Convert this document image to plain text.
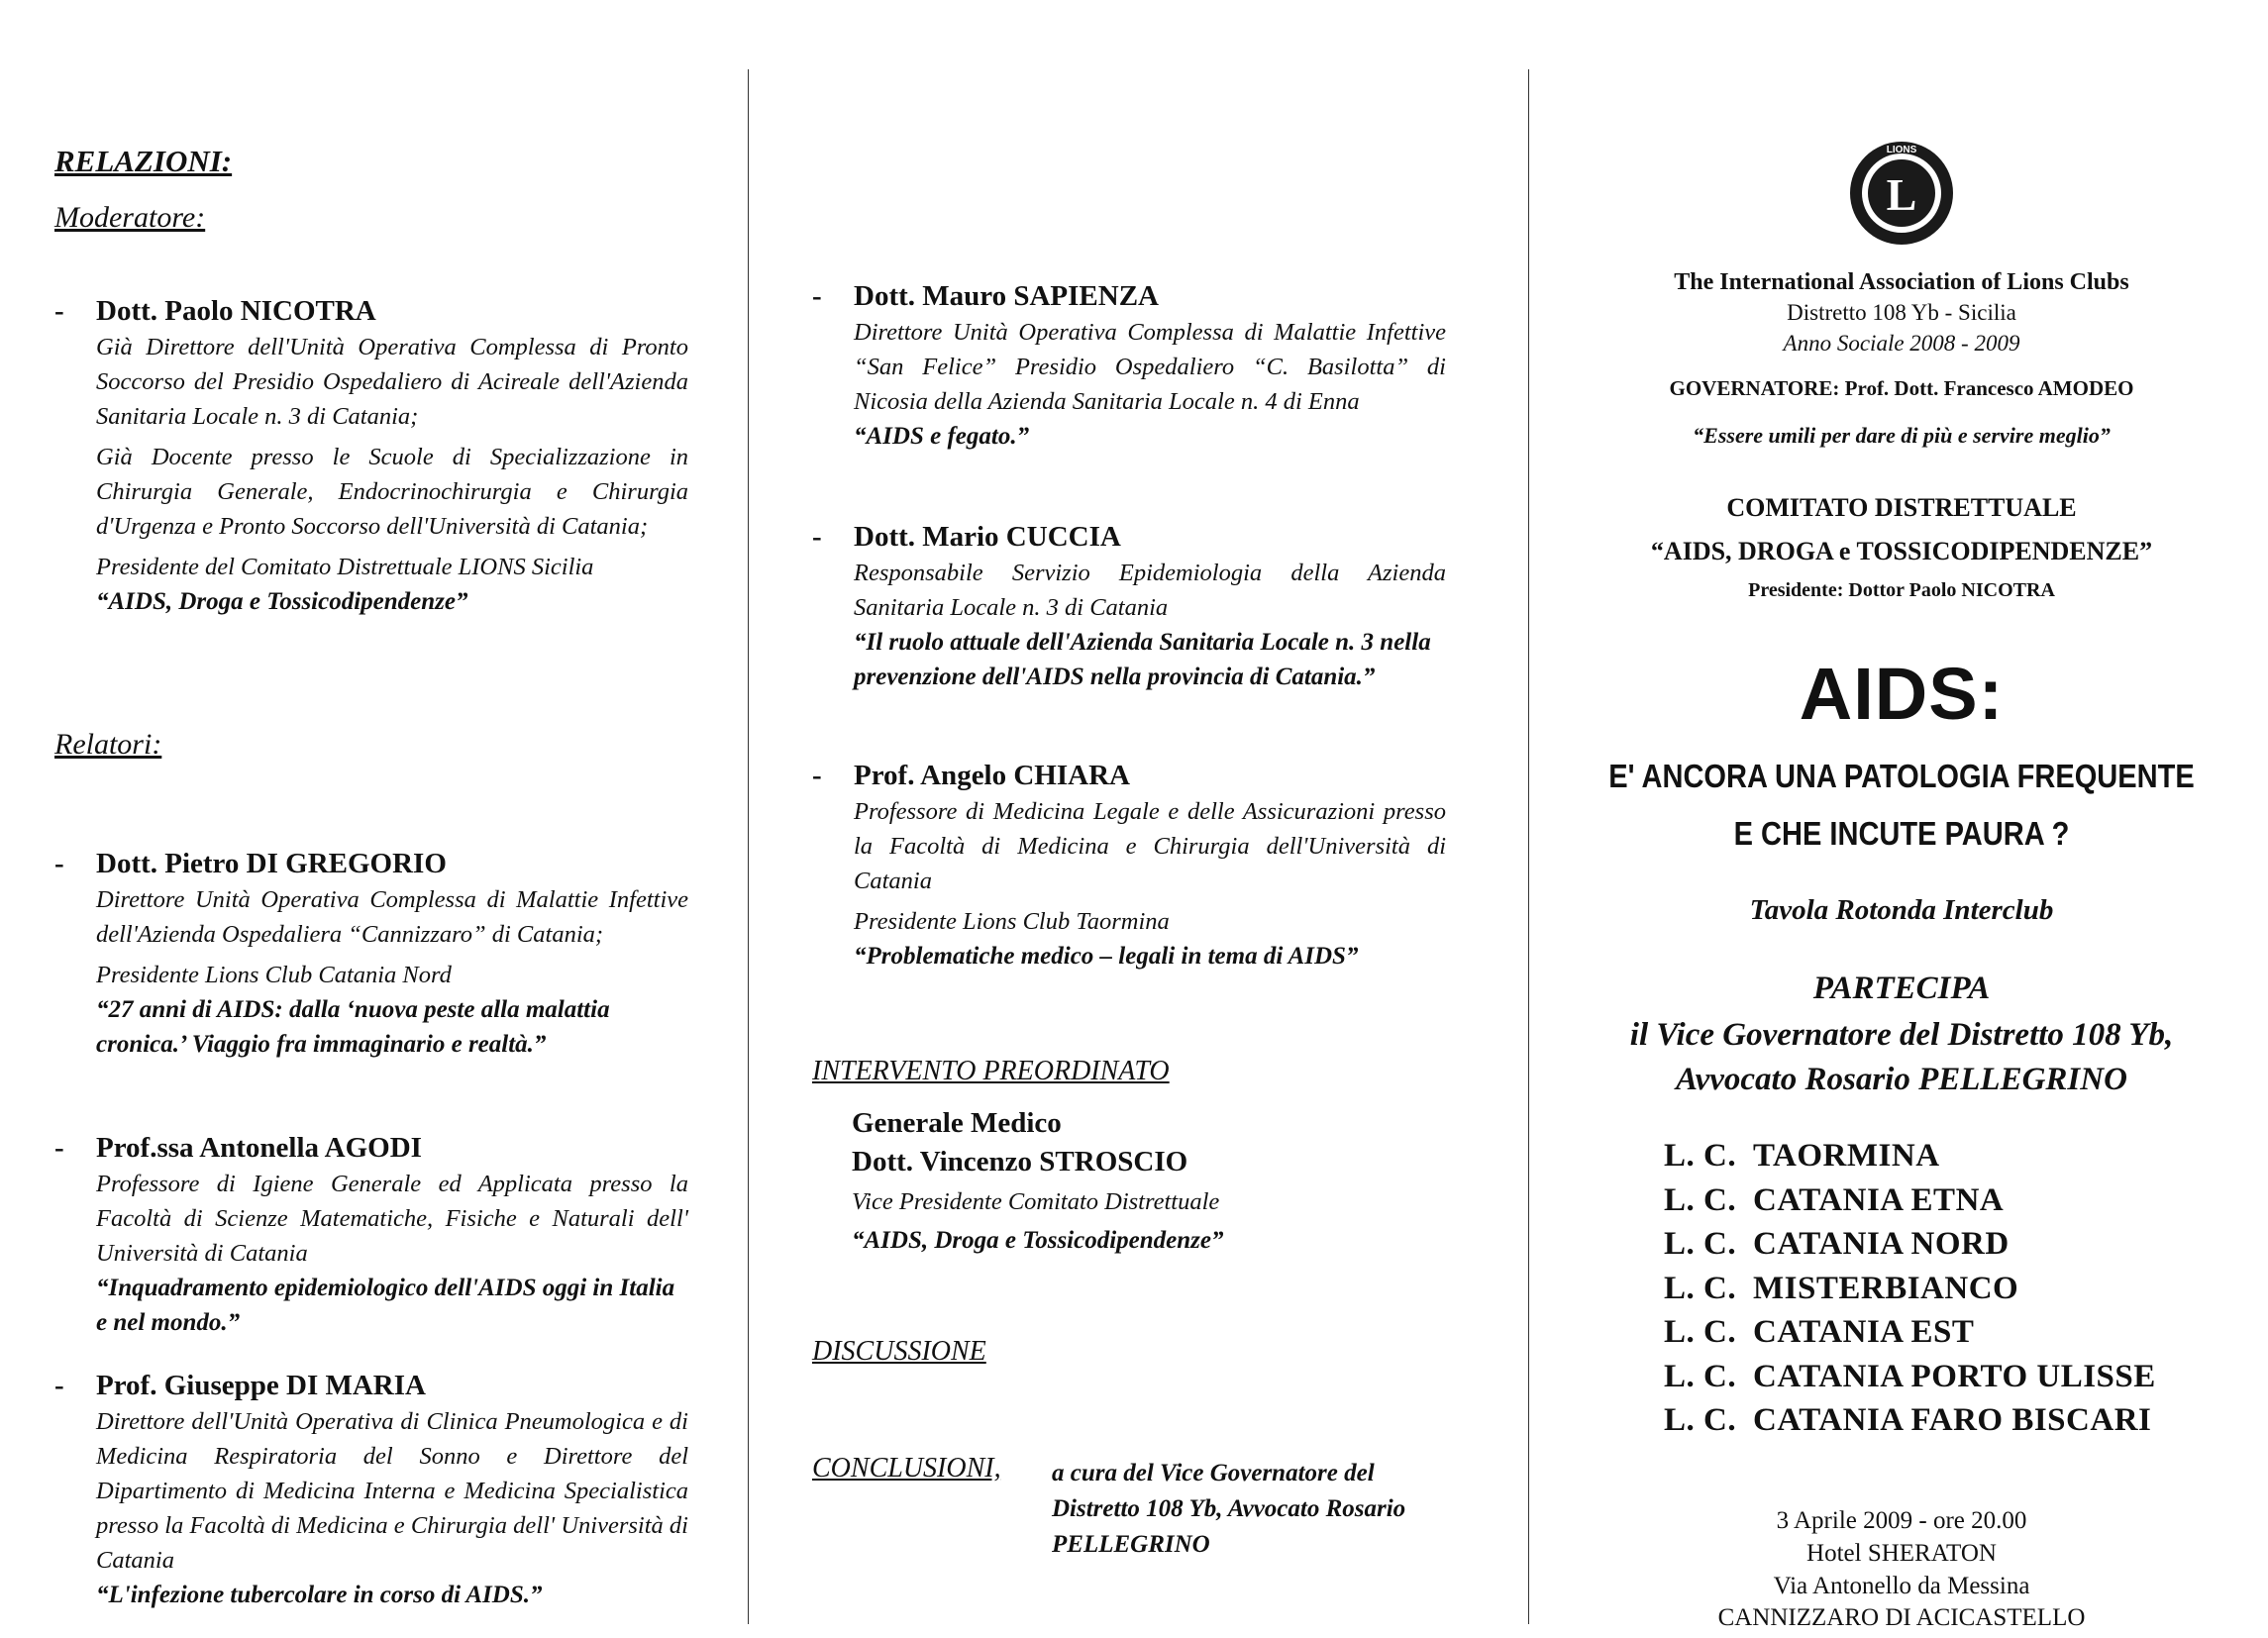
RELAZIONI:
Moderatore:

- Dott. Paolo NICOTRA

Già Direttore dell'Unità Operativa Complessa di Pronto Soccorso del Presidio Ospedaliero di Acireale dell'Azienda Sanitaria Locale n. 3 di Catania;

Già Docente presso le Scuole di Specializzazione in Chirurgia Generale, Endocrinochirurgia e Chirurgia d'Urgenza e Pronto Soccorso dell'Università di Catania;

Presidente del Comitato Distrettuale LIONS Sicilia

“AIDS, Droga e Tossicodipendenze”

Relatori:

- Dott. Pietro DI GREGORIO

Direttore Unità Operativa Complessa di Malattie Infettive dell'Azienda Ospedaliera “Cannizzaro” di Catania;

Presidente Lions Club Catania Nord

“27 anni di AIDS: dalla ‘nuova peste alla malattia cronica.’ Viaggio fra immaginario e realtà.”

- Prof.ssa Antonella AGODI

Professore di Igiene Generale ed Applicata presso la Facoltà di Scienze Matematiche, Fisiche e Naturali dell' Università di Catania

“Inquadramento epidemiologico dell'AIDS oggi in Italia e nel mondo.”

- Prof. Giuseppe DI MARIA

Direttore dell'Unità Operativa di Clinica Pneumologica e di Medicina Respiratoria del Sonno e Direttore del Dipartimento di Medicina Interna e Medicina Specialistica presso la Facoltà di Medicina e Chirurgia dell' Università di Catania

“L'infezione tubercolare in corso di AIDS.”

- Dott. Mauro SAPIENZA

Direttore Unità Operativa Complessa di Malattie Infettive “San Felice” Presidio Ospedaliero “C. Basilotta” di Nicosia della Azienda Sanitaria Locale n. 4 di Enna

“AIDS e fegato.”

- Dott. Mario CUCCIA

Responsabile Servizio Epidemiologia della Azienda Sanitaria Locale n. 3 di Catania

“Il ruolo attuale dell'Azienda Sanitaria Locale n. 3 nella prevenzione dell'AIDS nella provincia di Catania.”

- Prof. Angelo CHIARA

Professore di Medicina Legale e delle Assicurazioni presso la Facoltà di Medicina e Chirurgia dell'Università di Catania

Presidente Lions Club Taormina

“Problematiche medico – legali in tema di AIDS”

INTERVENTO PREORDINATO

Generale Medico

Dott. Vincenzo STROSCIO

Vice Presidente Comitato Distrettuale

“AIDS, Droga e Tossicodipendenze”

DISCUSSIONE
CONCLUSIONI, a cura del Vice Governatore del Distretto 108 Yb, Avvocato Rosario PELLEGRINO
L
LIONS

The International Association of Lions Clubs

Distretto 108 Yb - Sicilia

Anno Sociale 2008 - 2009

GOVERNATORE: Prof. Dott. Francesco AMODEO

“Essere umili per dare di più e servire meglio”

COMITATO DISTRETTUALE

“AIDS, DROGA e TOSSICODIPENDENZE”

Presidente: Dottor Paolo NICOTRA

AIDS:

E' ANCORA UNA PATOLOGIA FREQUENTE

E CHE INCUTE PAURA ?

Tavola Rotonda Interclub

PARTECIPA

il Vice Governatore del Distretto 108 Yb,

Avvocato Rosario PELLEGRINO

L. C. TAORMINA

L. C. CATANIA ETNA

L. C. CATANIA NORD

L. C. MISTERBIANCO

L. C. CATANIA EST

L. C. CATANIA PORTO ULISSE

L. C. CATANIA FARO BISCARI

3 Aprile 2009 - ore 20.00

Hotel SHERATON

Via Antonello da Messina

CANNIZZARO DI ACICASTELLO
